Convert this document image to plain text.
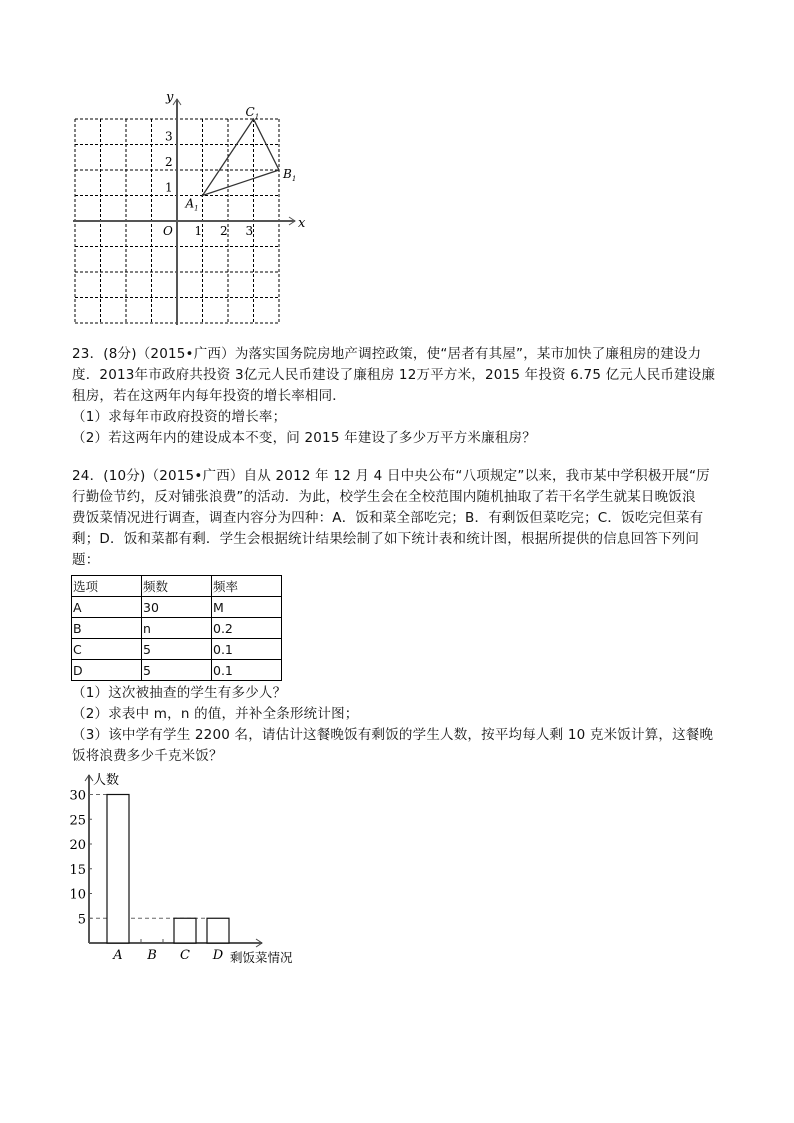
x
y
O 1 2 3
1
2
3
$A_1$
$B_1$
$C_1$

23．(8分)（2015•广西）为落实国务院房地产调控政策，使“居者有其屋”，某市加快了廉租房的建设力

度．2013年市政府共投资 3亿元人民币建设了廉租房 12万平方米，2015 年投资 6.75 亿元人民币建设廉

租房，若在这两年内每年投资的增长率相同．

（1）求每年市政府投资的增长率；

（2）若这两年内的建设成本不变，问 2015 年建设了多少万平方米廉租房？

24．(10分)（2015•广西）自从 2012 年 12 月 4 日中央公布“八项规定”以来，我市某中学积极开展“厉

行勤俭节约，反对铺张浪费”的活动．为此，校学生会在全校范围内随机抽取了若干名学生就某日晚饭浪

费饭菜情况进行调查，调查内容分为四种：A．饭和菜全部吃完；B．有剩饭但菜吃完；C．饭吃完但菜有

剩；D．饭和菜都有剩．学生会根据统计结果绘制了如下统计表和统计图，根据所提供的信息回答下列问

题：

选项	频数	频率
A	30	M
B	n	0.2
C	5	0.1
D	5	0.1

（1）这次被抽查的学生有多少人？

（2）求表中 m，n 的值，并补全条形统计图；

（3）该中学有学生 2200 名，请估计这餐晚饭有剩饭的学生人数，按平均每人剩 10 克米饭计算，这餐晚

饭将浪费多少千克米饭？

人数
剩饭菜情况
5
10
15
20
25
30
A B C D
